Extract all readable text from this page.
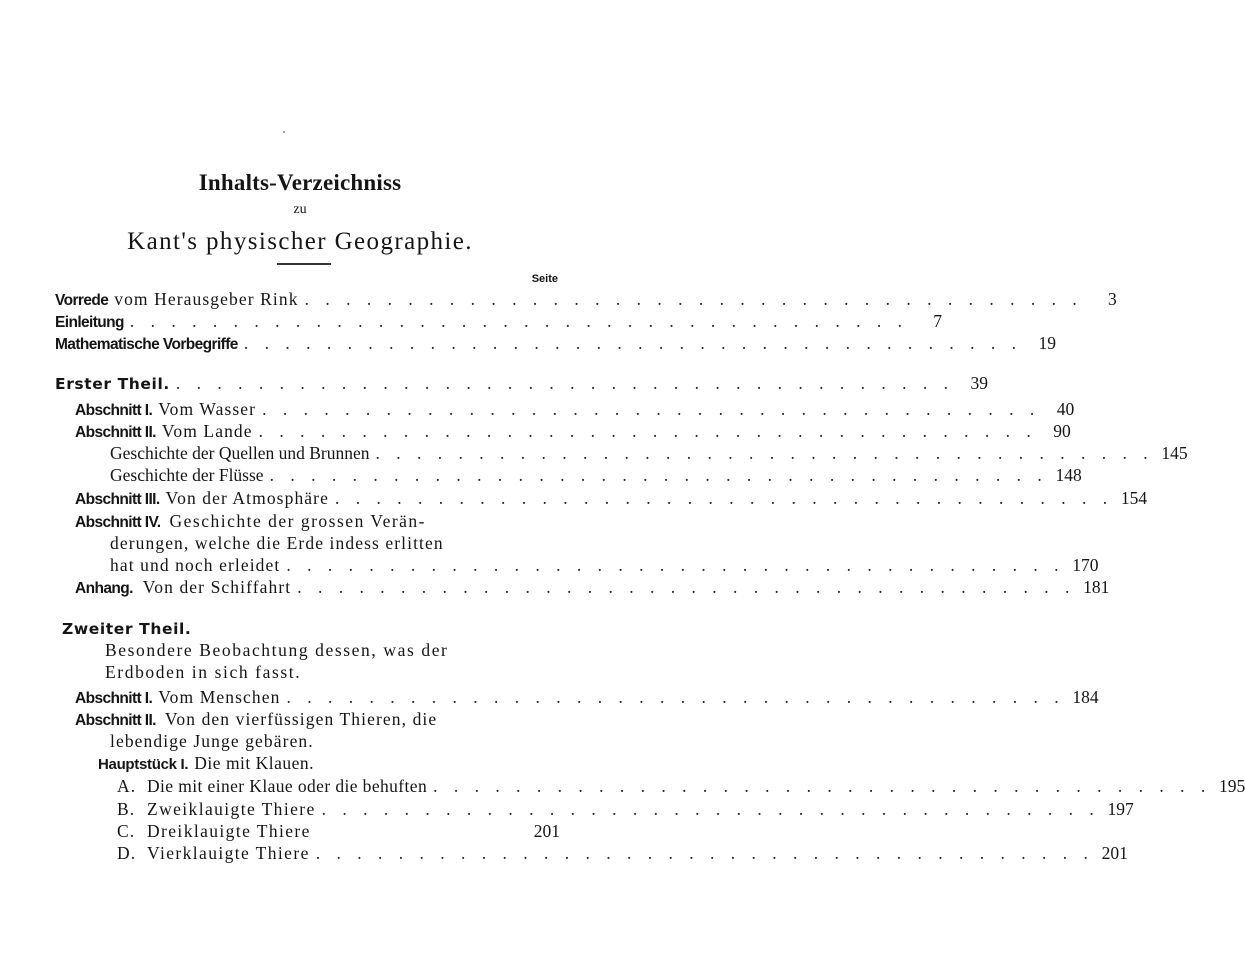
Inhalts-Verzeichniss
zu
Kant's physischer Geographie.
Seite
Vorrede vom Herausgeber Rink . . . . . . . . . . . . . . . . . . . . . . . . . . . . . . . . . . . . . .	3
Einleitung . . . . . . . . . . . . . . . . . . . . . . . . . . . . . . . . . . . . . .	7
Mathematische Vorbegriffe . . . . . . . . . . . . . . . . . . . . . . . . . . . . . . . . . . . . . . 19
Erster Theil. . . . . . . . . . . . . . . . . . . . . . . . . . . . . . . . . . . . . . . 39
Abschnitt I. Vom Wasser . . . . . . . . . . . . . . . . . . . . . . . . . . . . . . . . . . . . . . 40
Abschnitt II. Vom Lande . . . . . . . . . . . . . . . . . . . . . . . . . . . . . . . . . . . . . . 90
Geschichte der Quellen und Brunnen . . . . . . . . . . . . . . . . . . . . . . . . . . . . . . . . . . . . . . 145
Geschichte der Flüsse . . . . . . . . . . . . . . . . . . . . . . . . . . . . . . . . . . . . . . 148
Abschnitt III. Von der Atmosphäre . . . . . . . . . . . . . . . . . . . . . . . . . . . . . . . . . . . . . . 154
Abschnitt IV. Geschichte der grossen Verän-
derungen, welche die Erde indess erlitten
hat und noch erleidet . . . . . . . . . . . . . . . . . . . . . . . . . . . . . . . . . . . . . . 170
Anhang. Von der Schiffahrt . . . . . . . . . . . . . . . . . . . . . . . . . . . . . . . . . . . . . . 181
Zweiter Theil.
Besondere Beobachtung dessen, was der
Erdboden in sich fasst.
Abschnitt I. Vom Menschen . . . . . . . . . . . . . . . . . . . . . . . . . . . . . . . . . . . . . . 184
Abschnitt II. Von den vierfüssigen Thieren, die
lebendige Junge gebären.
Hauptstück I. Die mit Klauen.
A. Die mit einer Klaue oder die behuften . . . . . . . . . . . . . . . . . . . . . . . . . . . . . . . . . . . . . . 195
B. Zweiklauigte Thiere . . . . . . . . . . . . . . . . . . . . . . . . . . . . . . . . . . . . . . 197
C. Dreiklauigte Thiere	201
D. Vierklauigte Thiere . . . . . . . . . . . . . . . . . . . . . . . . . . . . . . . . . . . . . . 201
